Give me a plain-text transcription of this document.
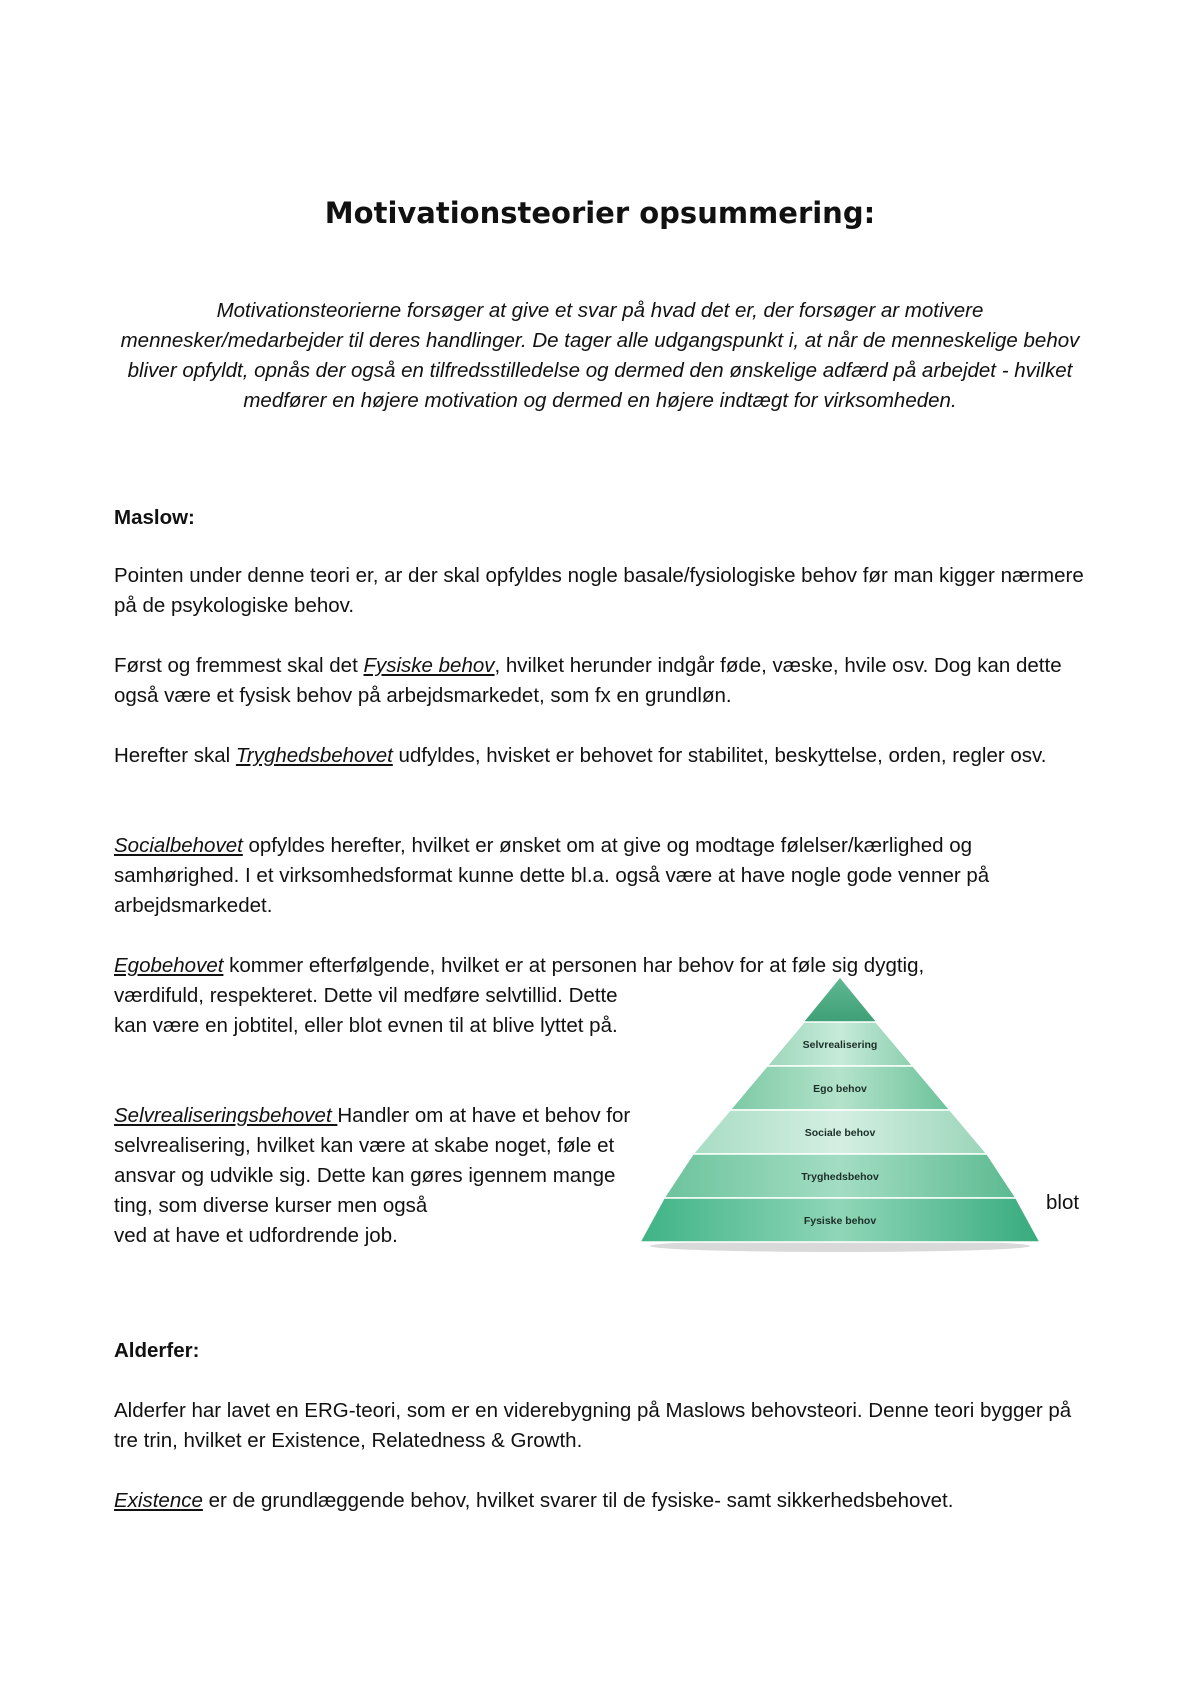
Motivationsteorier opsummering:

Motivationsteorierne forsøger at give et svar på hvad det er, der forsøger ar motivere mennesker/medarbejder til deres handlinger. De tager alle udgangspunkt i, at når de menneskelige behov bliver opfyldt, opnås der også en tilfredsstilledelse og dermed den ønskelige adfærd på arbejdet - hvilket medfører en højere motivation og dermed en højere indtægt for virksomheden.

Maslow:

Pointen under denne teori er, ar der skal opfyldes nogle basale/fysiologiske behov før man kigger nærmere på de psykologiske behov.

Først og fremmest skal det Fysiske behov, hvilket herunder indgår føde, væske, hvile osv. Dog kan dette også være et fysisk behov på arbejdsmarkedet, som fx en grundløn.

Herefter skal Tryghedsbehovet udfyldes, hvisket er behovet for stabilitet, beskyttelse, orden, regler osv.

Socialbehovet opfyldes herefter, hvilket er ønsket om at give og modtage følelser/kærlighed og samhørighed. I et virksomhedsformat kunne dette bl.a. også være at have nogle gode venner på arbejdsmarkedet.

Egobehovet kommer efterfølgende, hvilket er at personen har behov for at føle sig dygtig,

værdifuld, respekteret. Dette vil medføre selvtillid. Dette kan være en jobtitel, eller blot evnen til at blive lyttet på.

Selvrealiseringsbehovet Handler om at have et behov for selvrealisering, hvilket kan være at skabe noget, føle et ansvar og udvikle sig. Dette kan gøres igennem mange ting, som diverse kurser men også

ved at have et udfordrende job.

blot
Selvrealisering
Ego behov
Sociale behov
Tryghedsbehov
Fysiske behov

Alderfer:

Alderfer har lavet en ERG-teori, som er en viderebygning på Maslows behovsteori. Denne teori bygger på tre trin, hvilket er Existence, Relatedness & Growth.

Existence er de grundlæggende behov, hvilket svarer til de fysiske- samt sikkerhedsbehovet.
